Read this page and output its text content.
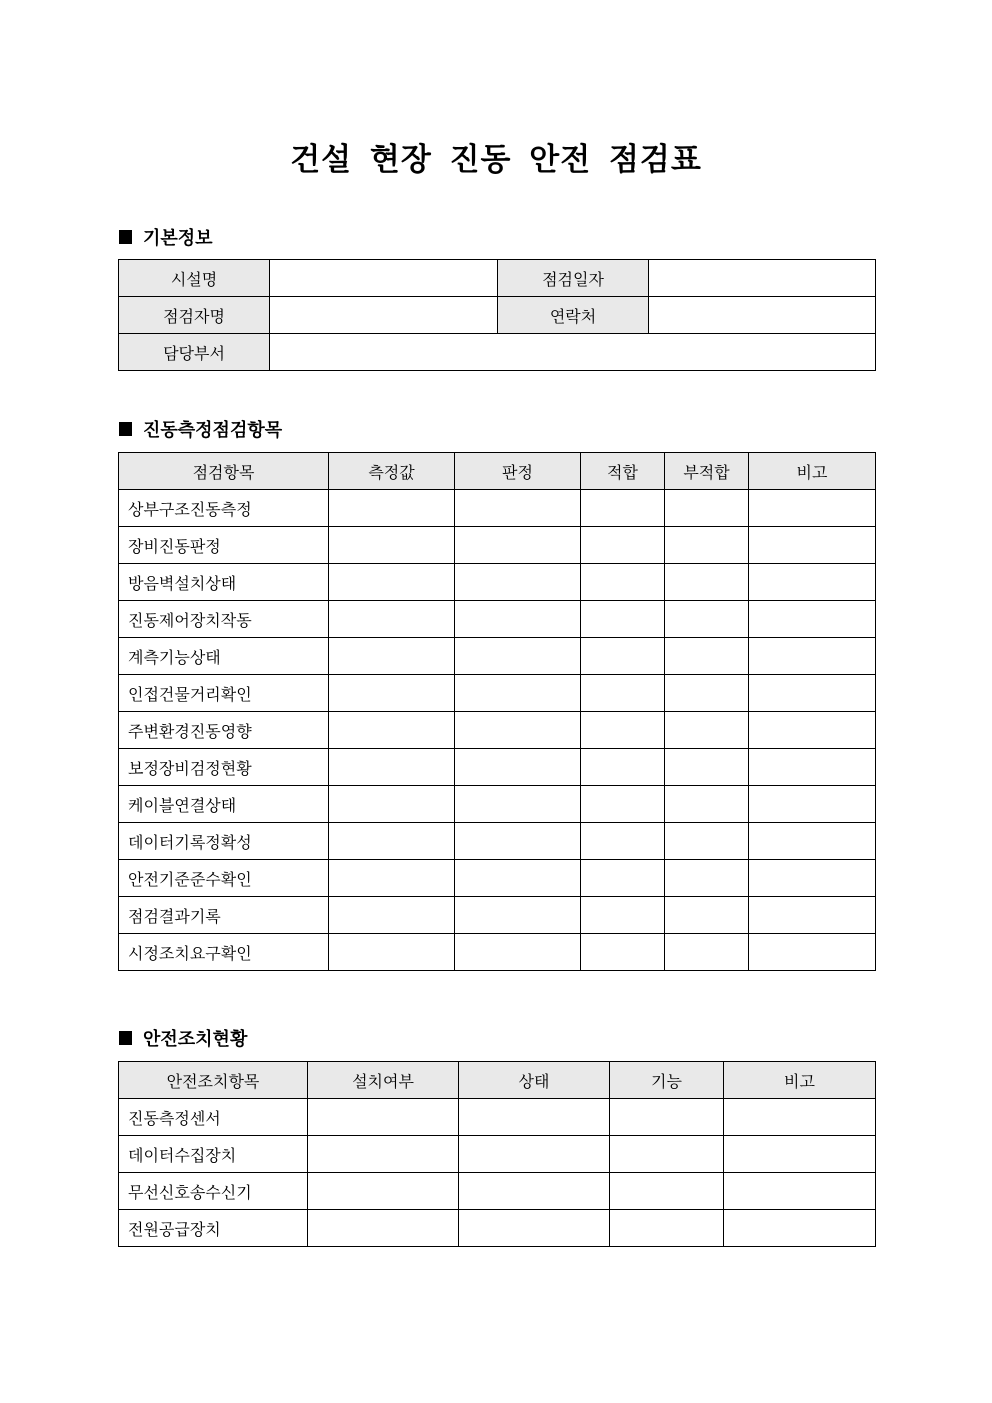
건설 현장 진동 안전 점검표
기본정보
시설명		점검일자	
점검자명		연락처	
담당부서			
진동측정점검항목
점검항목	측정값	판정	적합	부적합	비고
상부구조진동측정					
장비진동판정					
방음벽설치상태					
진동제어장치작동					
계측기능상태					
인접건물거리확인					
주변환경진동영향					
보정장비검정현황					
케이블연결상태					
데이터기록정확성					
안전기준준수확인					
점검결과기록					
시정조치요구확인					
안전조치현황
안전조치항목	설치여부	상태	기능	비고
진동측정센서				
데이터수집장치				
무선신호송수신기				
전원공급장치				
